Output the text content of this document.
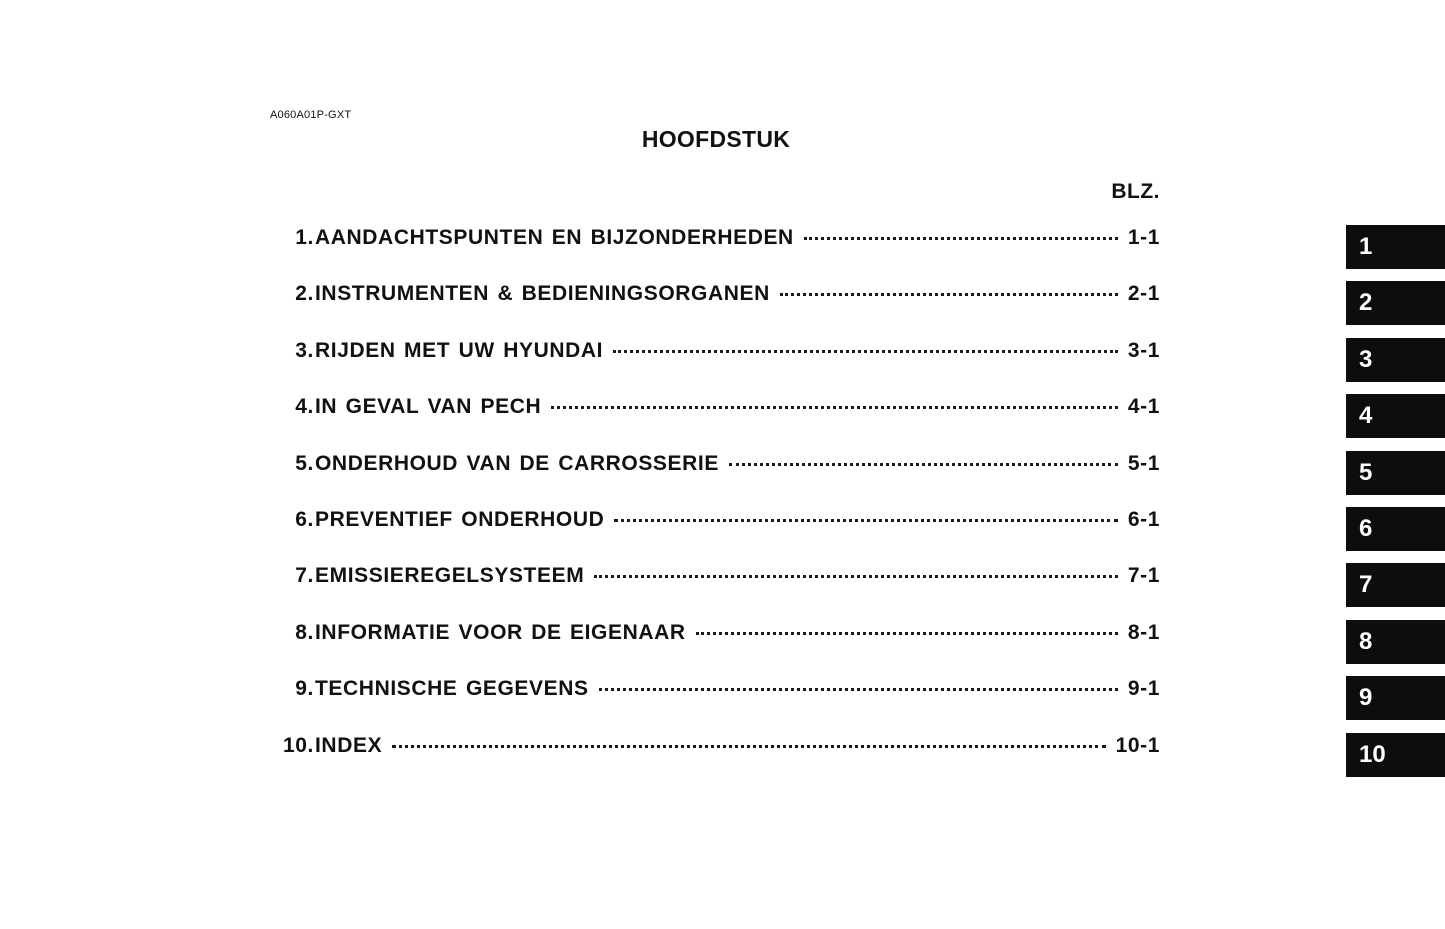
A060A01P-GXT
HOOFDSTUK
BLZ.
1. AANDACHTSPUNTEN EN BIJZONDERHEDEN	1-1
2. INSTRUMENTEN & BEDIENINGSORGANEN	2-1
3. RIJDEN MET UW HYUNDAI	3-1
4. IN GEVAL VAN PECH	4-1
5. ONDERHOUD VAN DE CARROSSERIE	5-1
6. PREVENTIEF ONDERHOUD	6-1
7. EMISSIEREGELSYSTEEM	7-1
8. INFORMATIE VOOR DE EIGENAAR	8-1
9. TECHNISCHE GEGEVENS	9-1
10. INDEX	10-1
1
2
3
4
5
6
7
8
9
10
